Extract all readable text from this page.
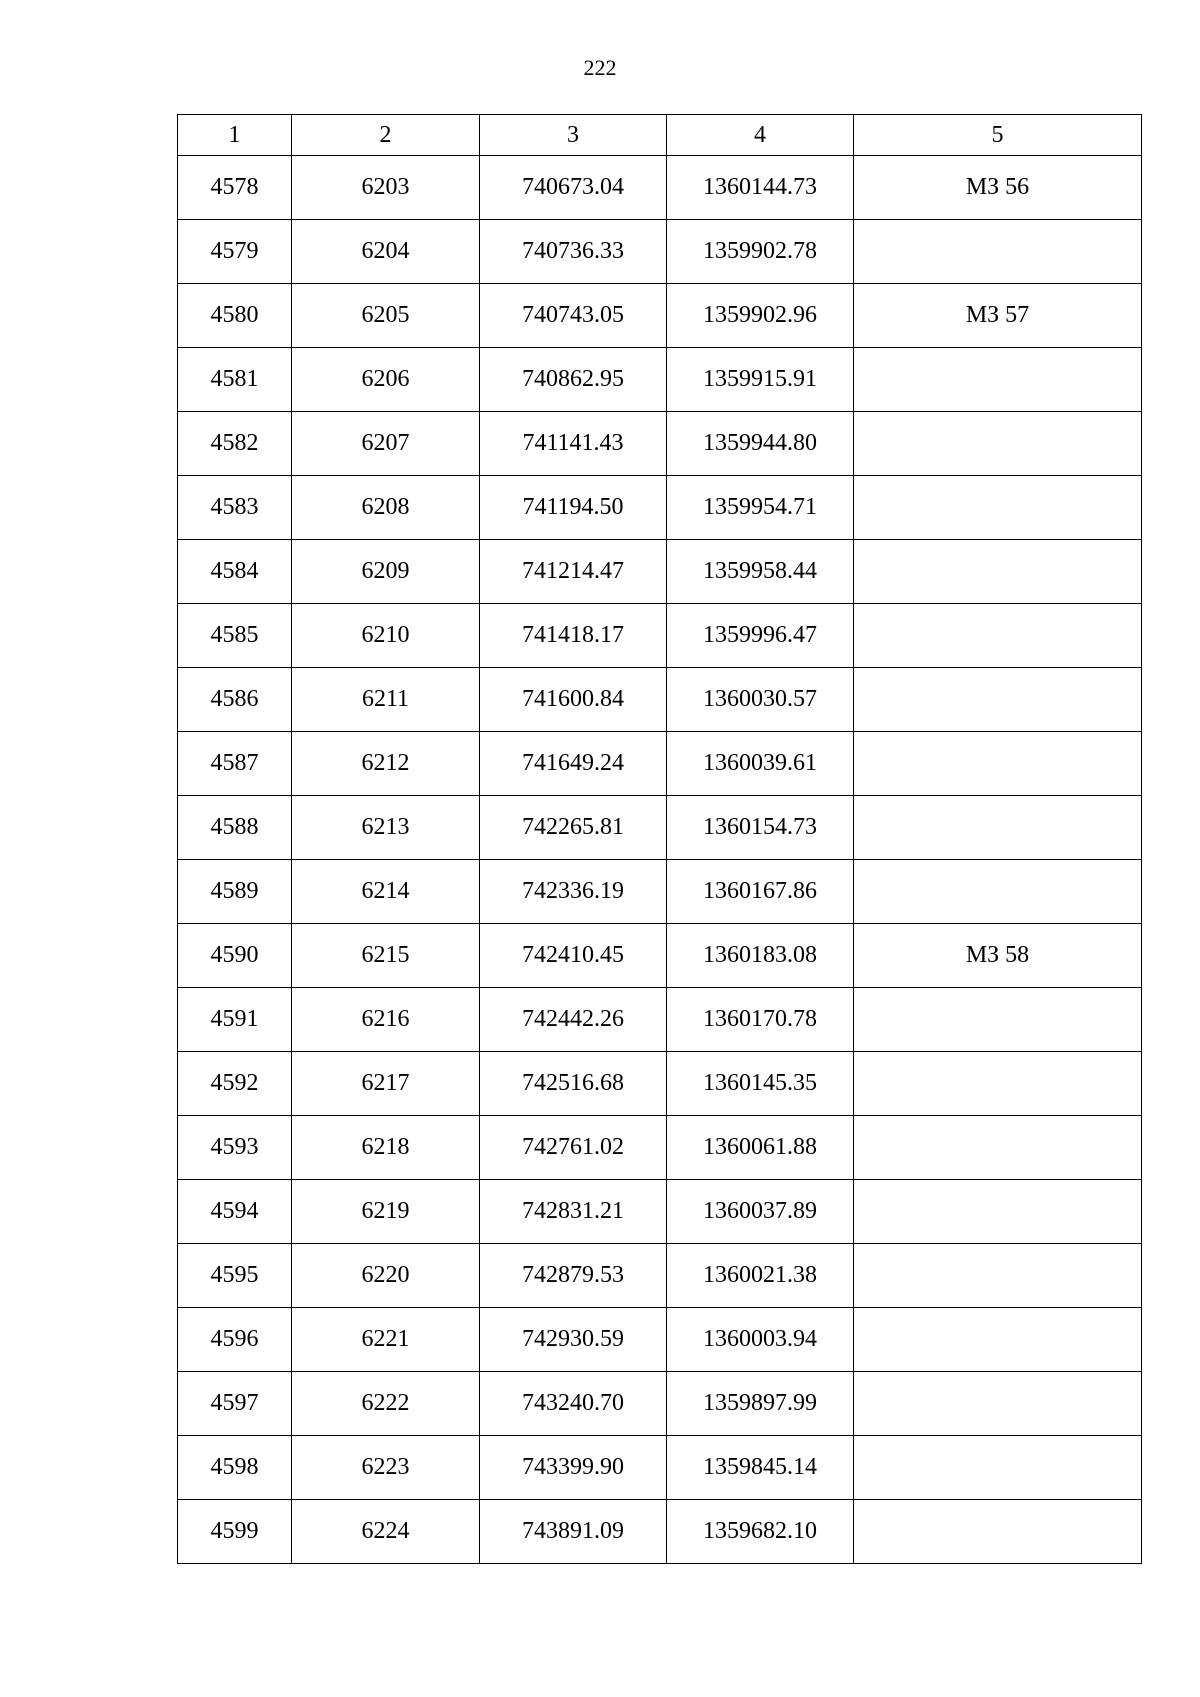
222
1	2	3	4	5
4578	6203	740673.04	1360144.73	МЗ 56
4579	6204	740736.33	1359902.78	
4580	6205	740743.05	1359902.96	МЗ 57
4581	6206	740862.95	1359915.91	
4582	6207	741141.43	1359944.80	
4583	6208	741194.50	1359954.71	
4584	6209	741214.47	1359958.44	
4585	6210	741418.17	1359996.47	
4586	6211	741600.84	1360030.57	
4587	6212	741649.24	1360039.61	
4588	6213	742265.81	1360154.73	
4589	6214	742336.19	1360167.86	
4590	6215	742410.45	1360183.08	МЗ 58
4591	6216	742442.26	1360170.78	
4592	6217	742516.68	1360145.35	
4593	6218	742761.02	1360061.88	
4594	6219	742831.21	1360037.89	
4595	6220	742879.53	1360021.38	
4596	6221	742930.59	1360003.94	
4597	6222	743240.70	1359897.99	
4598	6223	743399.90	1359845.14	
4599	6224	743891.09	1359682.10	
